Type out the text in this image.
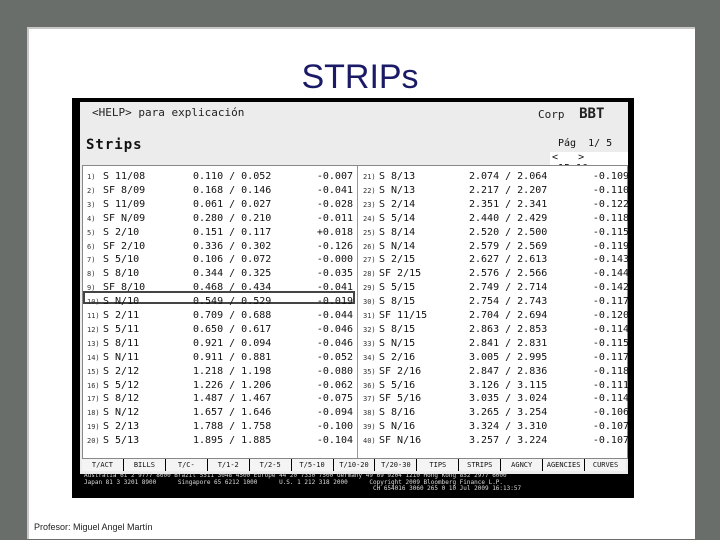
STRIPs
<HELP> para explicación	Corp BBT
Strips	Pág 1/ 5
< >
1) S 11/08	0.110 / 0.052	-0.007
2) SF 8/09	0.168 / 0.146	-0.041
3) S 11/09	0.061 / 0.027	-0.028
4) SF N/09	0.280 / 0.210	-0.011
5) S 2/10	0.151 / 0.117	+0.018
6) SF 2/10	0.336 / 0.302	-0.126
7) S 5/10	0.106 / 0.072	-0.000
8) S 8/10	0.344 / 0.325	-0.035
9) SF 8/10	0.468 / 0.434	-0.041
10) S N/10	0.549 / 0.529	-0.019
11) S 2/11	0.709 / 0.688	-0.044
12) S 5/11	0.650 / 0.617	-0.046
13) S 8/11	0.921 / 0.094	-0.046
14) S N/11	0.911 / 0.881	-0.052
15) S 2/12	1.218 / 1.198	-0.080
16) S 5/12	1.226 / 1.206	-0.062
17) S 8/12	1.487 / 1.467	-0.075
18) S N/12	1.657 / 1.646	-0.094
19) S 2/13	1.788 / 1.758	-0.100
20) S 5/13	1.895 / 1.885	-0.104
21) S 8/13	2.074 / 2.064	-0.109
22) S N/13	2.217 / 2.207	-0.110
23) S 2/14	2.351 / 2.341	-0.122
24) S 5/14	2.440 / 2.429	-0.118
25) S 8/14	2.520 / 2.500	-0.115
26) S N/14	2.579 / 2.569	-0.119
27) S 2/15	2.627 / 2.613	-0.143
28) SF 2/15	2.576 / 2.566	-0.144
29) S 5/15	2.749 / 2.714	-0.142
30) S 8/15	2.754 / 2.743	-0.117
31) SF 11/15	2.704 / 2.694	-0.120
32) S 8/15	2.863 / 2.853	-0.114
33) S N/15	2.841 / 2.831	-0.115
34) S 2/16	3.005 / 2.995	-0.117
35) SF 2/16	2.847 / 2.836	-0.118
36) S 5/16	3.126 / 3.115	-0.111
37) SF 5/16	3.035 / 3.024	-0.114
38) S 8/16	3.265 / 3.254	-0.106
39) S N/16	3.324 / 3.310	-0.107
40) SF N/16	3.257 / 3.224	-0.107
T/ACT	BILLS	T/C-	T/1-2	T/2-5	T/5-10	T/10-20	T/20-30	TIPS	STRIPS	AGNCY	AGENCIES	CURVES
Australia 61 2 9777 8600 Brazil 5511 3048 4500 Europe 44 20 7330 7500 Germany 49 69 9204 1210 Hong Kong 852 2977 6000
Japan 81 3 3201 8900      Singapore 65 6212 1000      U.S. 1 212 318 2000      Copyright 2009 Bloomberg Finance L.P.
CH 654016 3060 265 0 10 Jul 2009 16:13:57
Profesor: Miguel Angel Martín
